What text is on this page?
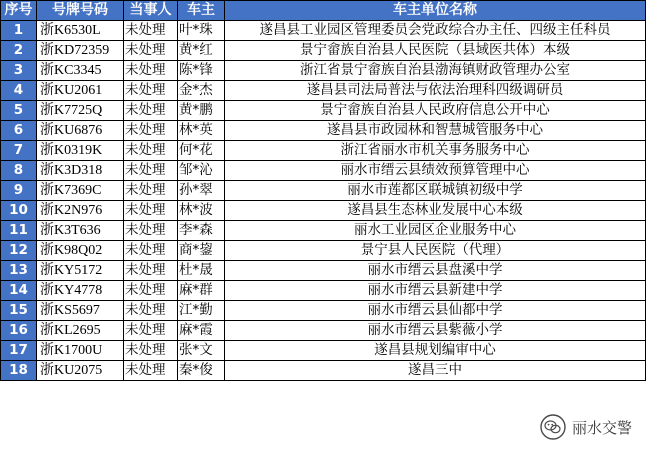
序号	号牌号码	当事人	车主	车主单位名称
1	浙K6530L	未处理	叶*珠	遂昌县工业园区管理委员会党政综合办主任、四级主任科员
2	浙KD72359	未处理	黄*红	景宁畲族自治县人民医院（县域医共体）本级
3	浙KC3345	未处理	陈*锋	浙江省景宁畲族自治县渤海镇财政管理办公室
4	浙KU2061	未处理	金*杰	遂昌县司法局普法与依法治理科四级调研员
5	浙K7725Q	未处理	黄*鹏	景宁畲族自治县人民政府信息公开中心
6	浙KU6876	未处理	林*英	遂昌县市政园林和智慧城管服务中心
7	浙K0319K	未处理	何*花	浙江省丽水市机关事务服务中心
8	浙K3D318	未处理	邹*沁	丽水市缙云县绩效预算管理中心
9	浙K7369C	未处理	孙*翠	丽水市莲都区联城镇初级中学
10	浙K2N976	未处理	林*波	遂昌县生态林业发展中心本级
11	浙K3T636	未处理	李*森	丽水工业园区企业服务中心
12	浙K98Q02	未处理	商*鋆	景宁县人民医院（代理）
13	浙KY5172	未处理	杜*晟	丽水市缙云县盘溪中学
14	浙KY4778	未处理	麻*群	丽水市缙云县新建中学
15	浙KS5697	未处理	江*勤	丽水市缙云县仙都中学
16	浙KL2695	未处理	麻*霞	丽水市缙云县紫薇小学
17	浙K1700U	未处理	张*文	遂昌县规划编审中心
18	浙KU2075	未处理	秦*俊	遂昌三中
丽水交警
